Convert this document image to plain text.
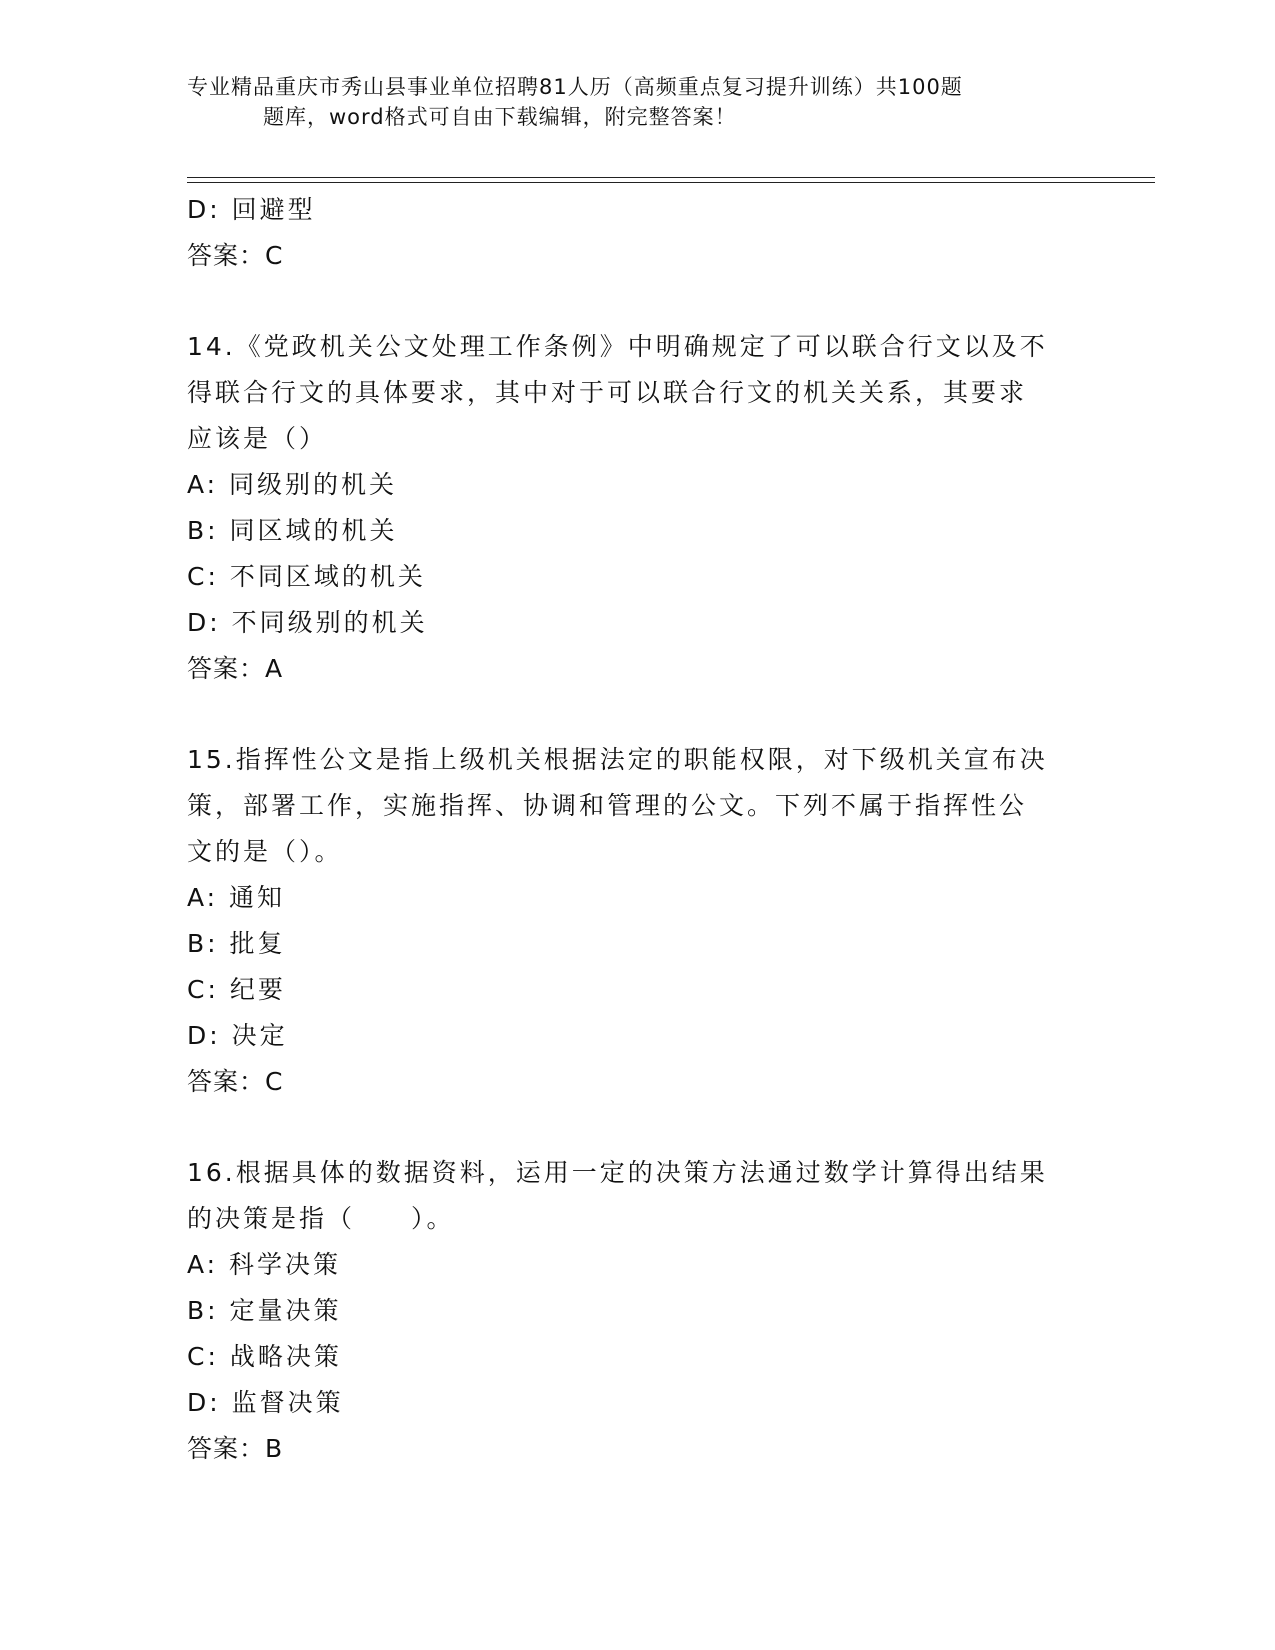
专业精品重庆市秀山县事业单位招聘81人历（高频重点复习提升训练）共100题
题库，word格式可自由下载编辑，附完整答案！
D: 回避型
答案：C
14.《党政机关公文处理工作条例》中明确规定了可以联合行文以及不
得联合行文的具体要求，其中对于可以联合行文的机关关系，其要求
应该是（）
A: 同级别的机关
B: 同区域的机关
C: 不同区域的机关
D: 不同级别的机关
答案：A
15.指挥性公文是指上级机关根据法定的职能权限，对下级机关宣布决
策，部署工作，实施指挥、协调和管理的公文。下列不属于指挥性公
文的是（）。
A: 通知
B: 批复
C: 纪要
D: 决定
答案：C
16.根据具体的数据资料，运用一定的决策方法通过数学计算得出结果
的决策是指（　　）。
A: 科学决策
B: 定量决策
C: 战略决策
D: 监督决策
答案：B
